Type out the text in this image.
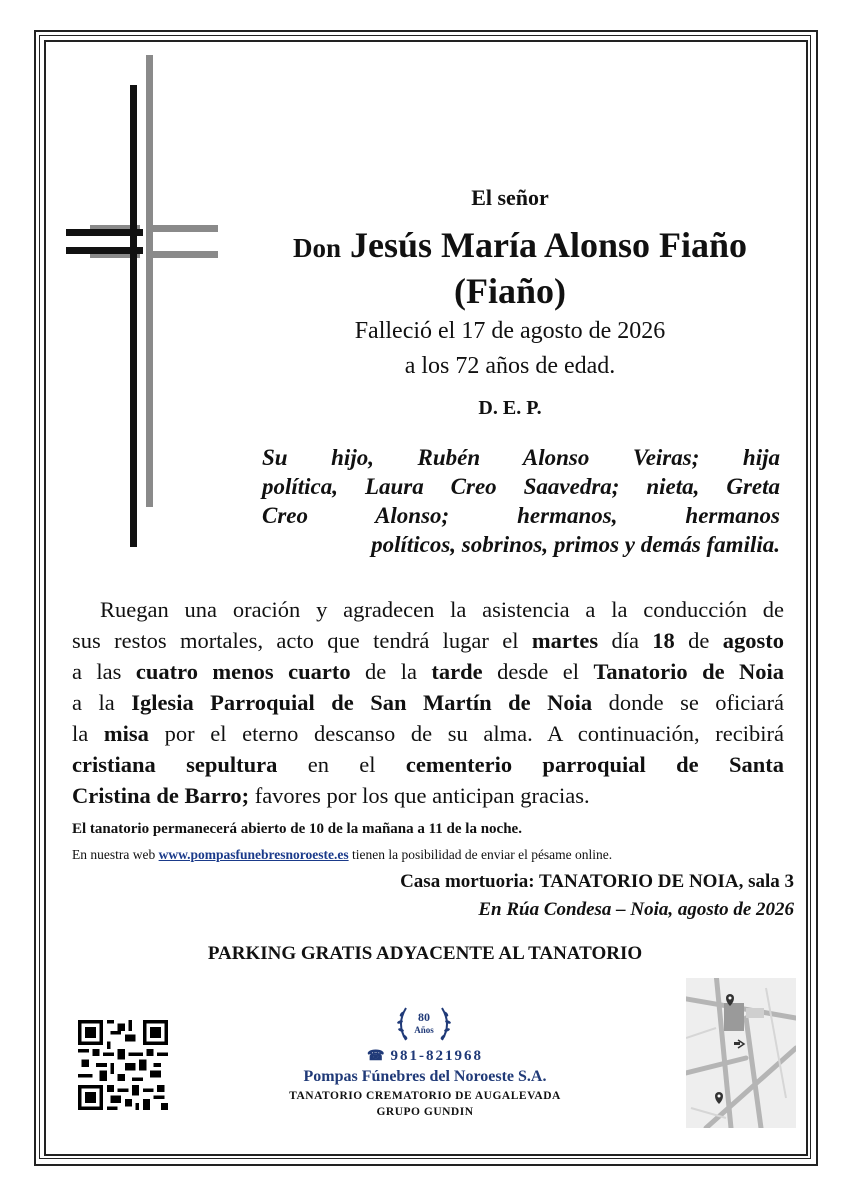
El señor
Don Jesús María Alonso Fiaño
(Fiaño)
Falleció el 17 de agosto de 2026
a los 72 años de edad.
D. E. P.
Su hijo, Rubén Alonso Veiras; hija
política, Laura Creo Saavedra; nieta, Greta
Creo Alonso; hermanos, hermanos
políticos, sobrinos, primos y demás familia.
Ruegan una oración y agradecen la asistencia a la conducción de
sus restos mortales, acto que tendrá lugar el martes día 18 de agosto
a las cuatro menos cuarto de la tarde desde el Tanatorio de Noia
a la Iglesia Parroquial de San Martín de Noia donde se oficiará
la misa por el eterno descanso de su alma. A continuación, recibirá
cristiana sepultura en el cementerio parroquial de Santa
Cristina de Barro; favores por los que anticipan gracias.
El tanatorio permanecerá abierto de 10 de la mañana a 11 de la noche.
En nuestra web www.pompasfunebresnoroeste.es tienen la posibilidad de enviar el pésame online.
Casa mortuoria: TANATORIO DE NOIA, sala 3
En Rúa Condesa – Noia, agosto de 2026
PARKING GRATIS ADYACENTE AL TANATORIO
80
Años
☎ 981-821968
Pompas Fúnebres del Noroeste S.A.
TANATORIO CREMATORIO DE AUGALEVADA
GRUPO GUNDIN
